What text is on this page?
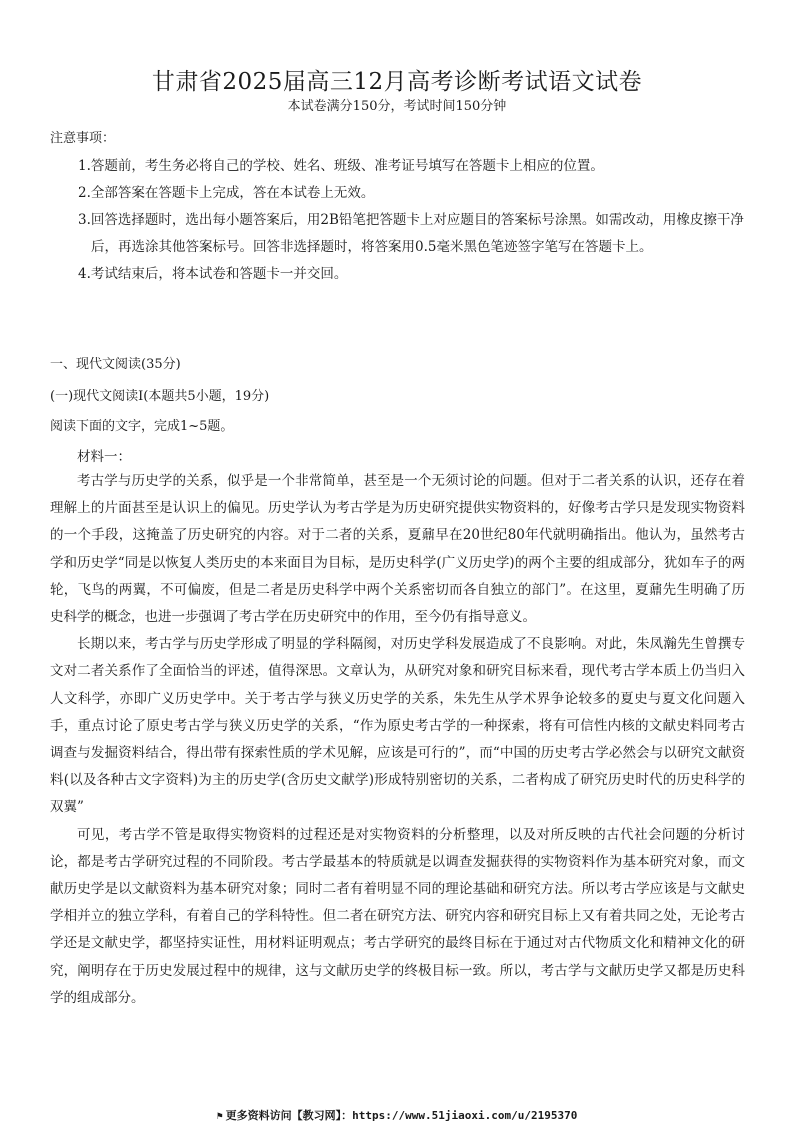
甘肃省2025届高三12月高考诊断考试语文试卷
本试卷满分150分，考试时间150分钟
注意事项：
1.答题前，考生务必将自己的学校、姓名、班级、准考证号填写在答题卡上相应的位置。
2.全部答案在答题卡上完成，答在本试卷上无效。
3.回答选择题时，选出每小题答案后，用2B铅笔把答题卡上对应题目的答案标号涂黑。如需改动，用橡皮擦干净后，再选涂其他答案标号。回答非选择题时，将答案用0.5毫米黑色笔迹签字笔写在答题卡上。
4.考试结束后，将本试卷和答题卡一并交回。
一、现代文阅读(35分)
(一)现代文阅读Ⅰ(本题共5小题，19分)
阅读下面的文字，完成1~5题。
材料一：

考古学与历史学的关系，似乎是一个非常简单，甚至是一个无须讨论的问题。但对于二者关系的认识，还存在着理解上的片面甚至是认识上的偏见。历史学认为考古学是为历史研究提供实物资料的，好像考古学只是发现实物资料的一个手段，这掩盖了历史研究的内容。对于二者的关系，夏鼐早在20世纪80年代就明确指出。他认为，虽然考古学和历史学“同是以恢复人类历史的本来面目为目标，是历史科学(广义历史学)的两个主要的组成部分，犹如车子的两轮，飞鸟的两翼，不可偏废，但是二者是历史科学中两个关系密切而各自独立的部门”。在这里，夏鼐先生明确了历史科学的概念，也进一步强调了考古学在历史研究中的作用，至今仍有指导意义。

长期以来，考古学与历史学形成了明显的学科隔阂，对历史学科发展造成了不良影响。对此，朱凤瀚先生曾撰专文对二者关系作了全面恰当的评述，值得深思。文章认为，从研究对象和研究目标来看，现代考古学本质上仍当归入人文科学，亦即广义历史学中。关于考古学与狭义历史学的关系，朱先生从学术界争论较多的夏史与夏文化问题入手，重点讨论了原史考古学与狭义历史学的关系，“作为原史考古学的一种探索，将有可信性内核的文献史料同考古调查与发掘资料结合，得出带有探索性质的学术见解，应该是可行的”，而“中国的历史考古学必然会与以研究文献资料(以及各种古文字资料)为主的历史学(含历史文献学)形成特别密切的关系，二者构成了研究历史时代的历史科学的双翼”

可见，考古学不管是取得实物资料的过程还是对实物资料的分析整理，以及对所反映的古代社会问题的分析讨论，都是考古学研究过程的不同阶段。考古学最基本的特质就是以调查发掘获得的实物资料作为基本研究对象，而文献历史学是以文献资料为基本研究对象；同时二者有着明显不同的理论基础和研究方法。所以考古学应该是与文献史学相并立的独立学科，有着自己的学科特性。但二者在研究方法、研究内容和研究目标上又有着共同之处，无论考古学还是文献史学，都坚持实证性，用材料证明观点；考古学研究的最终目标在于通过对古代物质文化和精神文化的研究，阐明存在于历史发展过程中的规律，这与文献历史学的终极目标一致。所以，考古学与文献历史学又都是历史科学的组成部分。

⚑ 更多资料访问【教习网】：https://www.51jiaoxi.com/u/2195370
